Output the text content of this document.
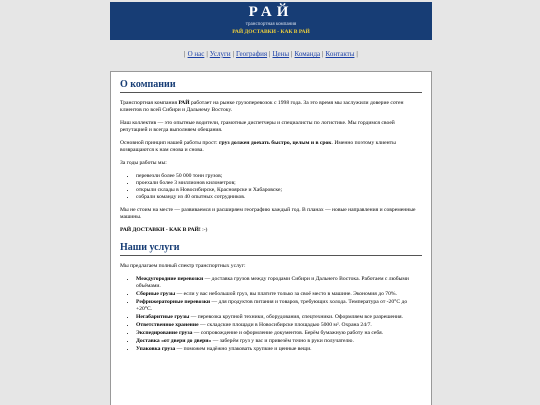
РАЙ
транспортная компания
РАЙ ДОСТАВКИ - КАК В РАЙ
| О нас | Услуги | География | Цены | Команда | Контакты |
О компании

Транспортная компания РАЙ работает на рынке грузоперевозок с 1998 года. За это время мы заслужили доверие сотен клиентов по всей Сибири и Дальнему Востоку.

Наш коллектив — это опытные водители, грамотные диспетчеры и специалисты по логистике. Мы гордимся своей репутацией и всегда выполняем обещания.

Основной принцип нашей работы прост: груз должен доехать быстро, целым и в срок. Именно поэтому клиенты возвращаются к нам снова и снова.

За годы работы мы:

• перевезли более 50 000 тонн грузов;
• проехали более 3 миллионов километров;
• открыли склады в Новосибирске, Красноярске и Хабаровске;
• собрали команду из 40 опытных сотрудников.

Мы не стоим на месте — развиваемся и расширяем географию каждый год. В планах — новые направления и современные машины.

РАЙ ДОСТАВКИ - КАК В РАЙ! :-)

Наши услуги

Мы предлагаем полный спектр транспортных услуг:

• Междугородние перевозки — доставка грузов между городами Сибири и Дальнего Востока. Работаем с любыми объёмами.
• Сборные грузы — если у вас небольшой груз, вы платите только за своё место в машине. Экономия до 70%.
• Рефрижераторные перевозки — для продуктов питания и товаров, требующих холода. Температура от -20°C до +20°C.
• Негабаритные грузы — перевозка крупной техники, оборудования, спецтехники. Оформляем все разрешения.
• Ответственное хранение — складские площади в Новосибирске площадью 5000 м². Охрана 24/7.
• Экспедирование груза — сопровождение и оформление документов. Берём бумажную работу на себя.
• Доставка «от двери до двери» — заберём груз у вас и привезём точно в руки получателю.
• Упаковка груза — поможем надёжно упаковать хрупкие и ценные вещи.
